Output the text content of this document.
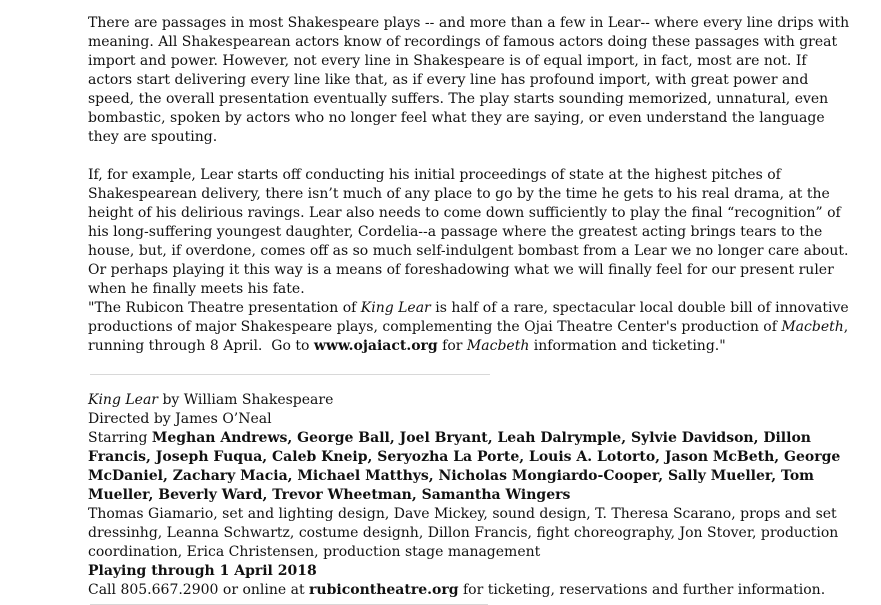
There are passages in most Shakespeare plays -- and more than a few in Lear-- where every line drips with meaning. All Shakespearean actors know of recordings of famous actors doing these passages with great import and power. However, not every line in Shakespeare is of equal import, in fact, most are not. If actors start delivering every line like that, as if every line has profound import, with great power and speed, the overall presentation eventually suffers. The play starts sounding memorized, unnatural, even bombastic, spoken by actors who no longer feel what they are saying, or even understand the language they are spouting.

If, for example, Lear starts off conducting his initial proceedings of state at the highest pitches of Shakespearean delivery, there isn’t much of any place to go by the time he gets to his real drama, at the height of his delirious ravings. Lear also needs to come down sufficiently to play the final “recognition” of his long-suffering youngest daughter, Cordelia--a passage where the greatest acting brings tears to the house, but, if overdone, comes off as so much self-indulgent bombast from a Lear we no longer care about. Or perhaps playing it this way is a means of foreshadowing what we will finally feel for our present ruler when he finally meets his fate.

"The Rubicon Theatre presentation of King Lear is half of a rare, spectacular local double bill of innovative productions of major Shakespeare plays, complementing the Ojai Theatre Center's production of Macbeth, running through 8 April.  Go to www.ojaiact.org for Macbeth information and ticketing."

King Lear by William Shakespeare

Directed by James O’Neal

Starring Meghan Andrews, George Ball, Joel Bryant, Leah Dalrymple, Sylvie Davidson, Dillon Francis, Joseph Fuqua, Caleb Kneip, Seryozha La Porte, Louis A. Lotorto, Jason McBeth, George McDaniel, Zachary Macia, Michael Matthys, Nicholas Mongiardo-Cooper, Sally Mueller, Tom Mueller, Beverly Ward, Trevor Wheetman, Samantha Wingers

Thomas Giamario, set and lighting design, Dave Mickey, sound design, T. Theresa Scarano, props and set dressinhg, Leanna Schwartz, costume designh, Dillon Francis, fight choreography, Jon Stover, production coordination, Erica Christensen, production stage management

Playing through 1 April 2018

Call 805.667.2900 or online at rubicontheatre.org for ticketing, reservations and further information.
